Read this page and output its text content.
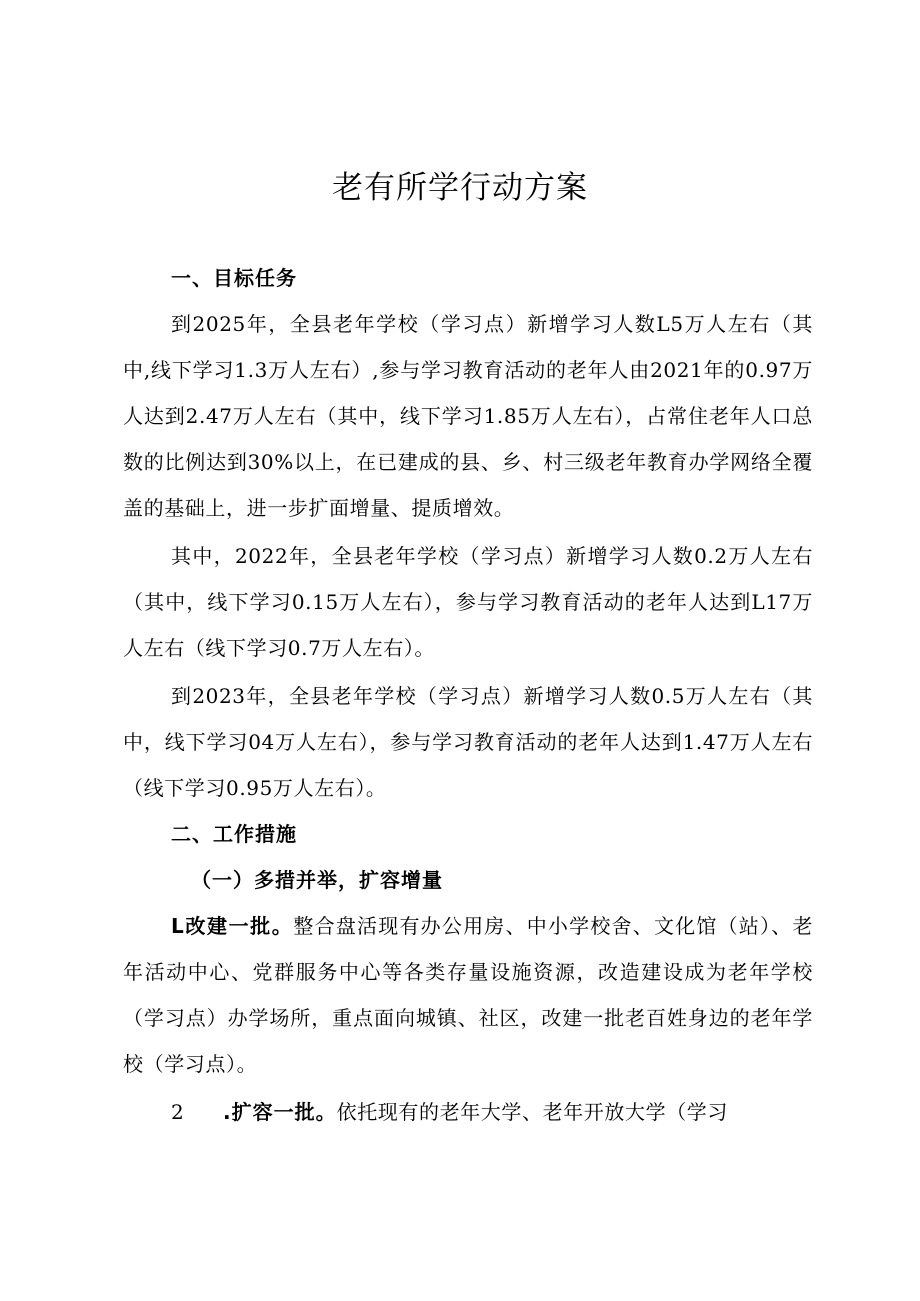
老有所学行动方案

一、目标任务

到2025年，全县老年学校（学习点）新增学习人数L5万人左右（其中,线下学习1.3万人左右）,参与学习教育活动的老年人由2021年的0.97万人达到2.47万人左右（其中，线下学习1.85万人左右），占常住老年人口总数的比例达到30%以上，在已建成的县、乡、村三级老年教育办学网络全覆盖的基础上，进一步扩面增量、提质增效。

其中，2022年，全县老年学校（学习点）新增学习人数0.2万人左右（其中，线下学习0.15万人左右），参与学习教育活动的老年人达到L17万人左右（线下学习0.7万人左右）。

到2023年，全县老年学校（学习点）新增学习人数0.5万人左右（其中，线下学习04万人左右），参与学习教育活动的老年人达到1.47万人左右（线下学习0.95万人左右）。

二、工作措施

（一）多措并举，扩容增量

L改建一批。整合盘活现有办公用房、中小学校舍、文化馆（站）、老年活动中心、党群服务中心等各类存量设施资源，改造建设成为老年学校（学习点）办学场所，重点面向城镇、社区，改建一批老百姓身边的老年学校（学习点）。

2 .扩容一批。依托现有的老年大学、老年开放大学（学习
